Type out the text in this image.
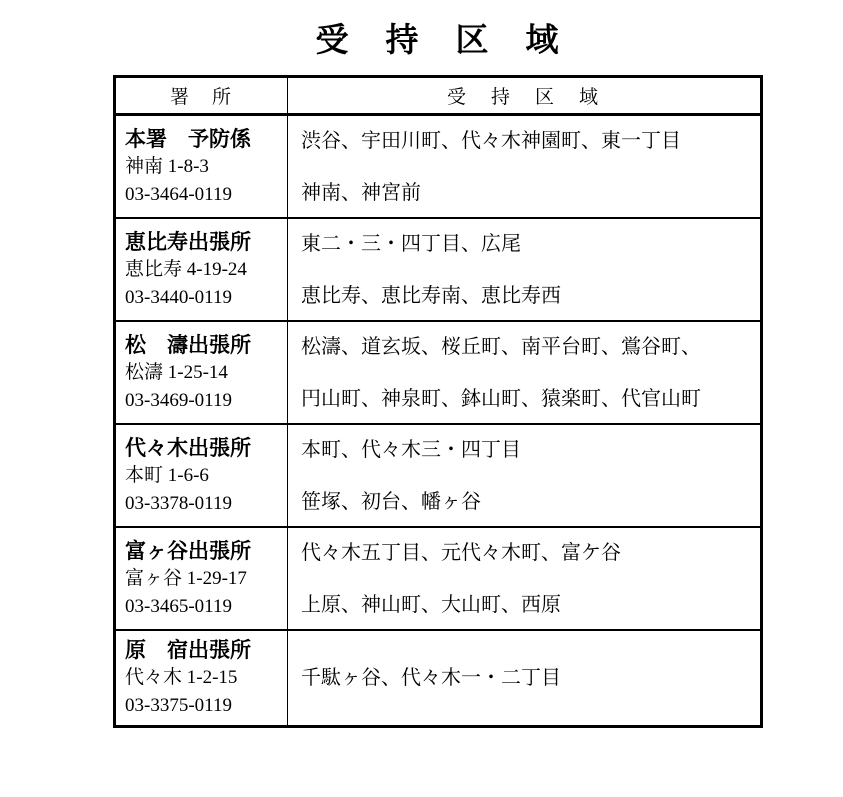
受　持　区　域
署　所	受　持　区　域
本署　予防係
神南 1-8-3
03-3464-0119

渋谷、宇田川町、代々木神園町、東一丁目

神南、神宮前

恵比寿出張所
恵比寿 4-19-24
03-3440-0119

東二・三・四丁目、広尾

恵比寿、恵比寿南、恵比寿西

松　濤出張所
松濤 1-25-14
03-3469-0119

松濤、道玄坂、桜丘町、南平台町、鴬谷町、

円山町、神泉町、鉢山町、猿楽町、代官山町

代々木出張所
本町 1-6-6
03-3378-0119

本町、代々木三・四丁目

笹塚、初台、幡ヶ谷

富ヶ谷出張所
富ヶ谷 1-29-17
03-3465-0119

代々木五丁目、元代々木町、富ケ谷

上原、神山町、大山町、西原

原　宿出張所
代々木 1-2-15
03-3375-0119

千駄ヶ谷、代々木一・二丁目
